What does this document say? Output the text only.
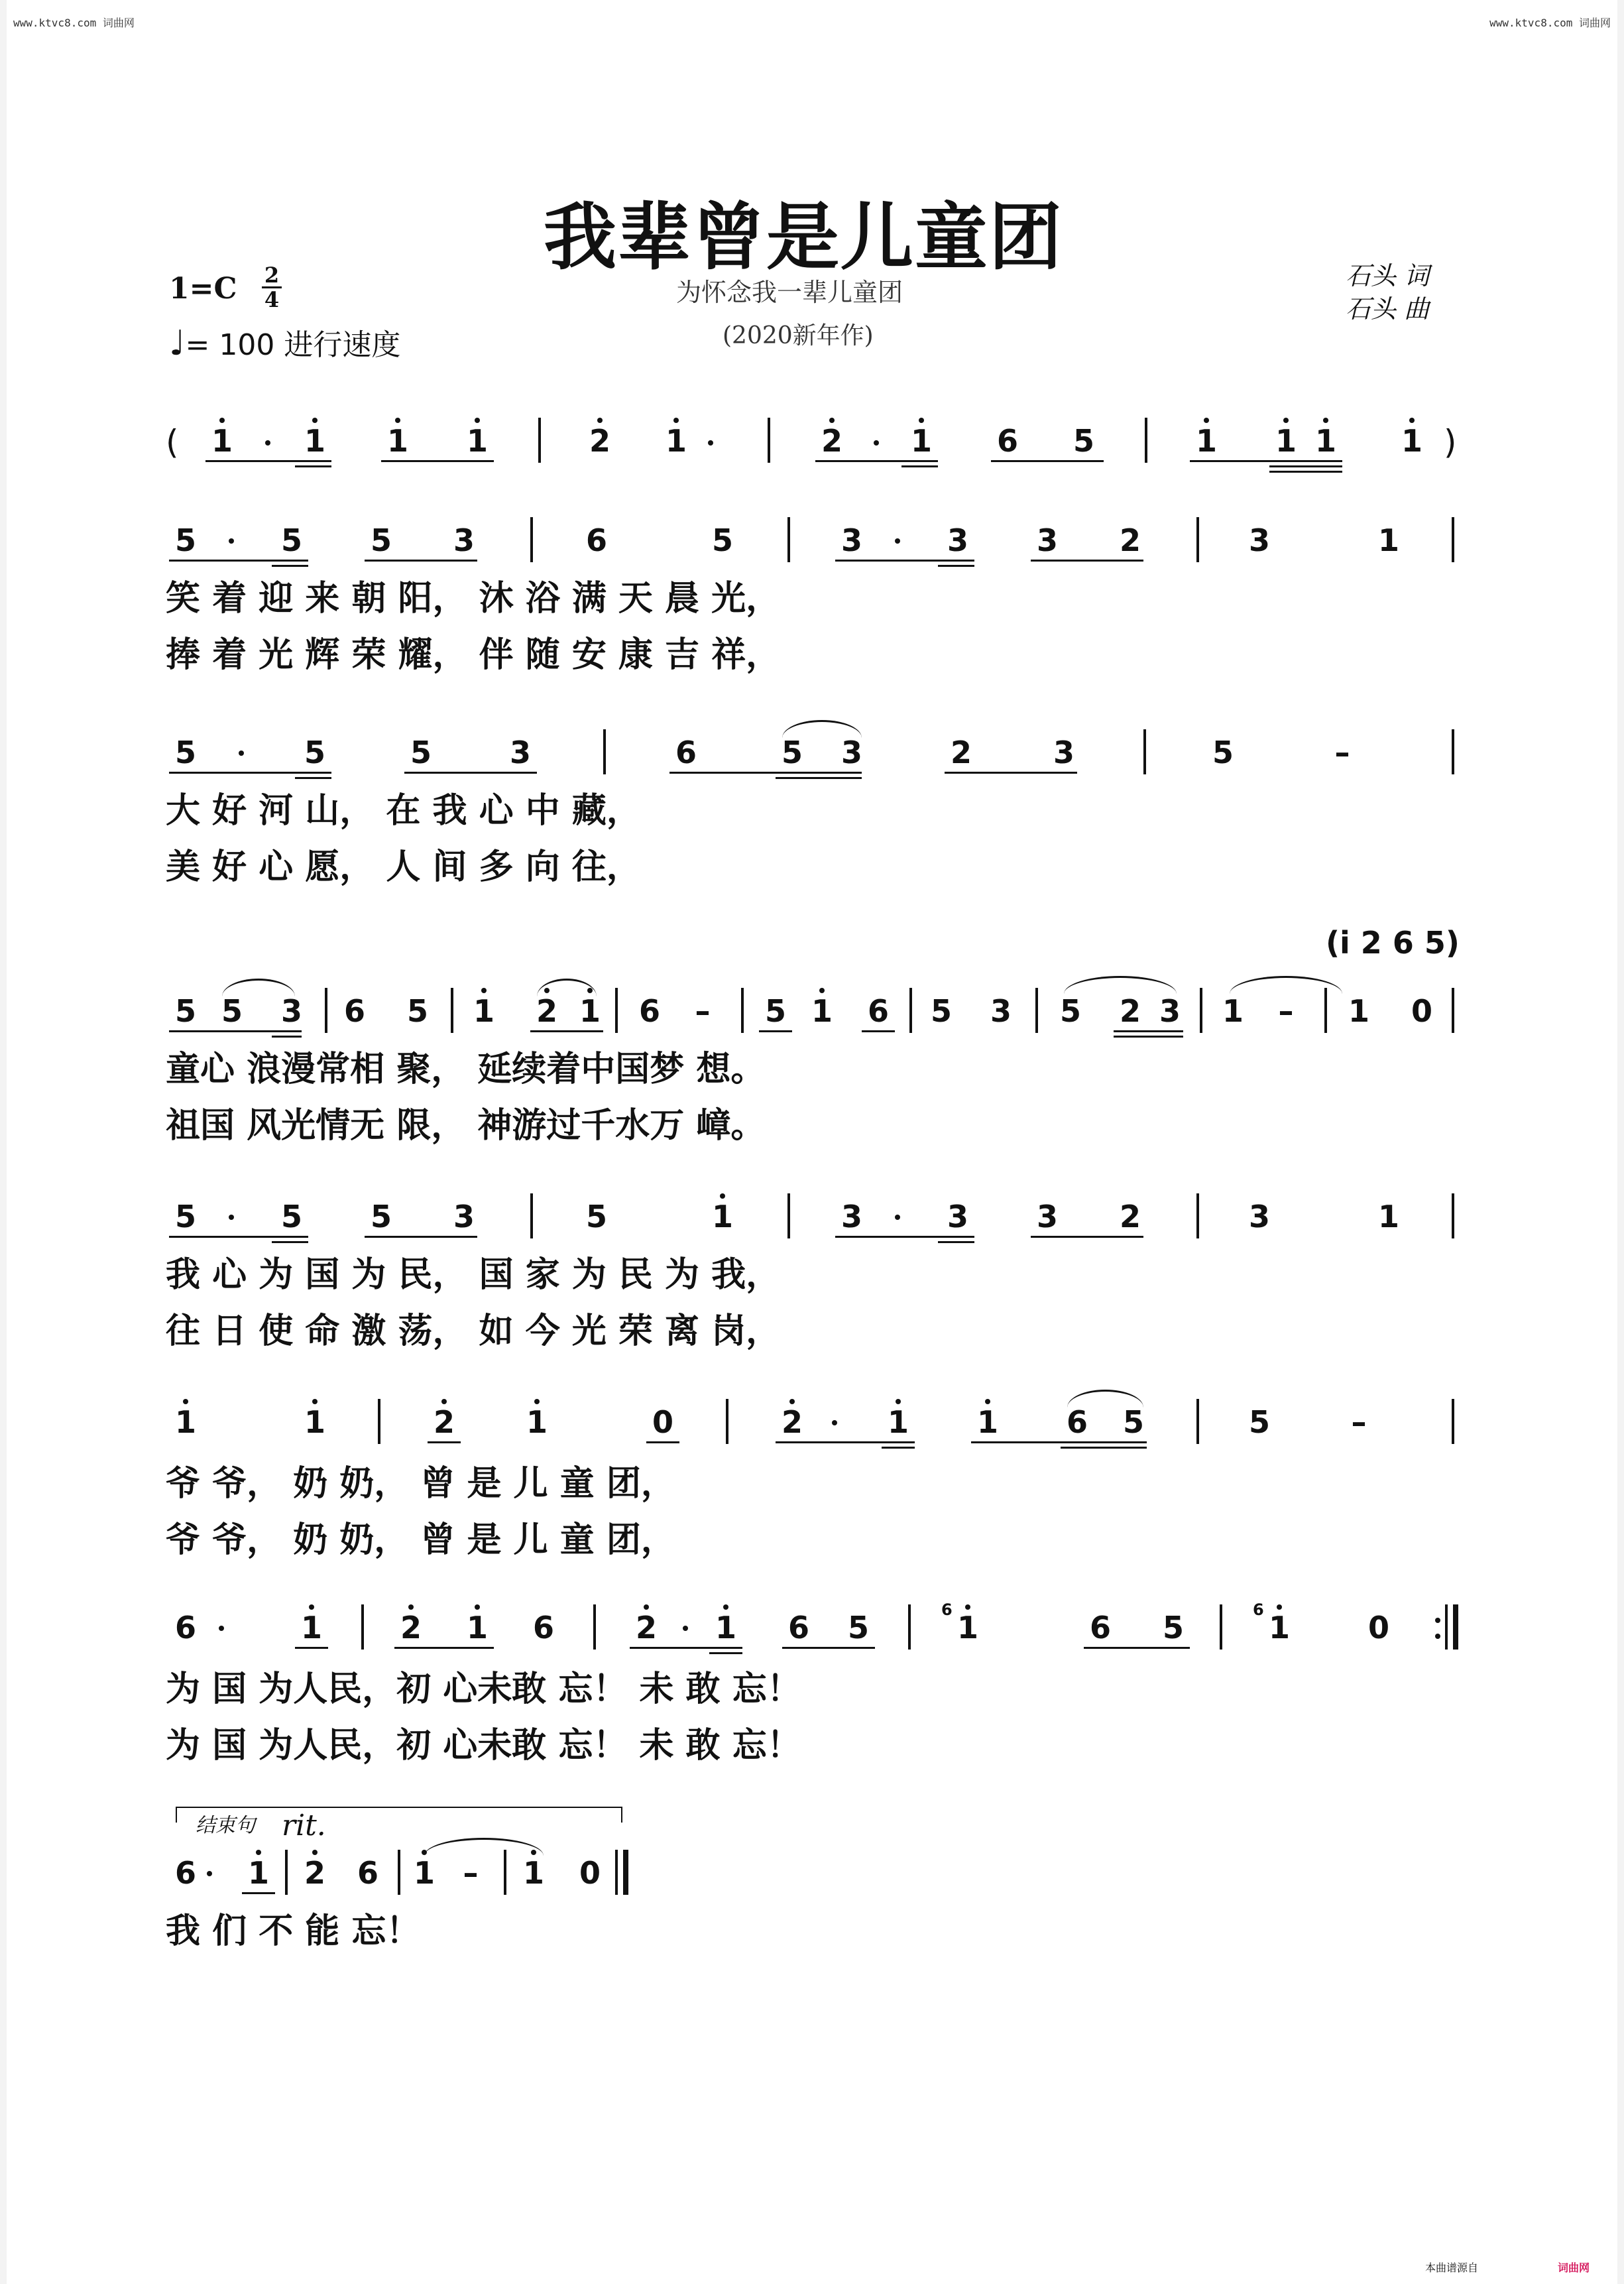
www.ktvc8.com 词曲网	www.ktvc8.com 词曲网
我辈曾是儿童团
为怀念我一辈儿童团
(2020新年作)
石头 词
石头 曲
1=C 2
4
♩= 100 进行速度
(	1	1	1	1	2	1	2	1	6	5	1	1 1	1 )
5	5	5	3	6	5	3	3	3	2	3	1
笑 着 迎 来 朝 阳， 沐 浴 满 天 晨 光，
捧 着 光 辉 荣 耀， 伴 随 安 康 吉 祥，
5	5	5	3	6	5	3	2	3	5	–
大 好 河 山， 在 我 心 中 藏，
美 好 心 愿， 人 间 多 向 往，
(i 2 6 5)
5 5	3	6	5	1	2 1	6	–	5 1	6	5	3	5	2 3	1	–	1	0
童心 浪漫常相 聚， 延续着中国梦 想。
祖国 风光情无 限， 神游过千水万 嶂。
5	5	5	3	5	1	3	3	3	2	3	1
我 心 为 国 为 民， 国 家 为 民 为 我，
往 日 使 命 激 荡， 如 今 光 荣 离 岗，
1	1	2	1	0	2	1	1	6	5	5	–
爷 爷， 奶 奶， 曾 是 儿 童 团，
爷 爷， 奶 奶， 曾 是 儿 童 团，
6	1	2	1	6	2	1	6	5	6 1	6	5	6 1	0
为 国 为人民，初 心未敢 忘！ 未 敢 忘！
为 国 为人民，初 心未敢 忘！ 未 敢 忘！
结束句 rit.
6	1	2	6	1 –	1	0
我 们 不 能 忘！
本曲谱源自	词曲网
